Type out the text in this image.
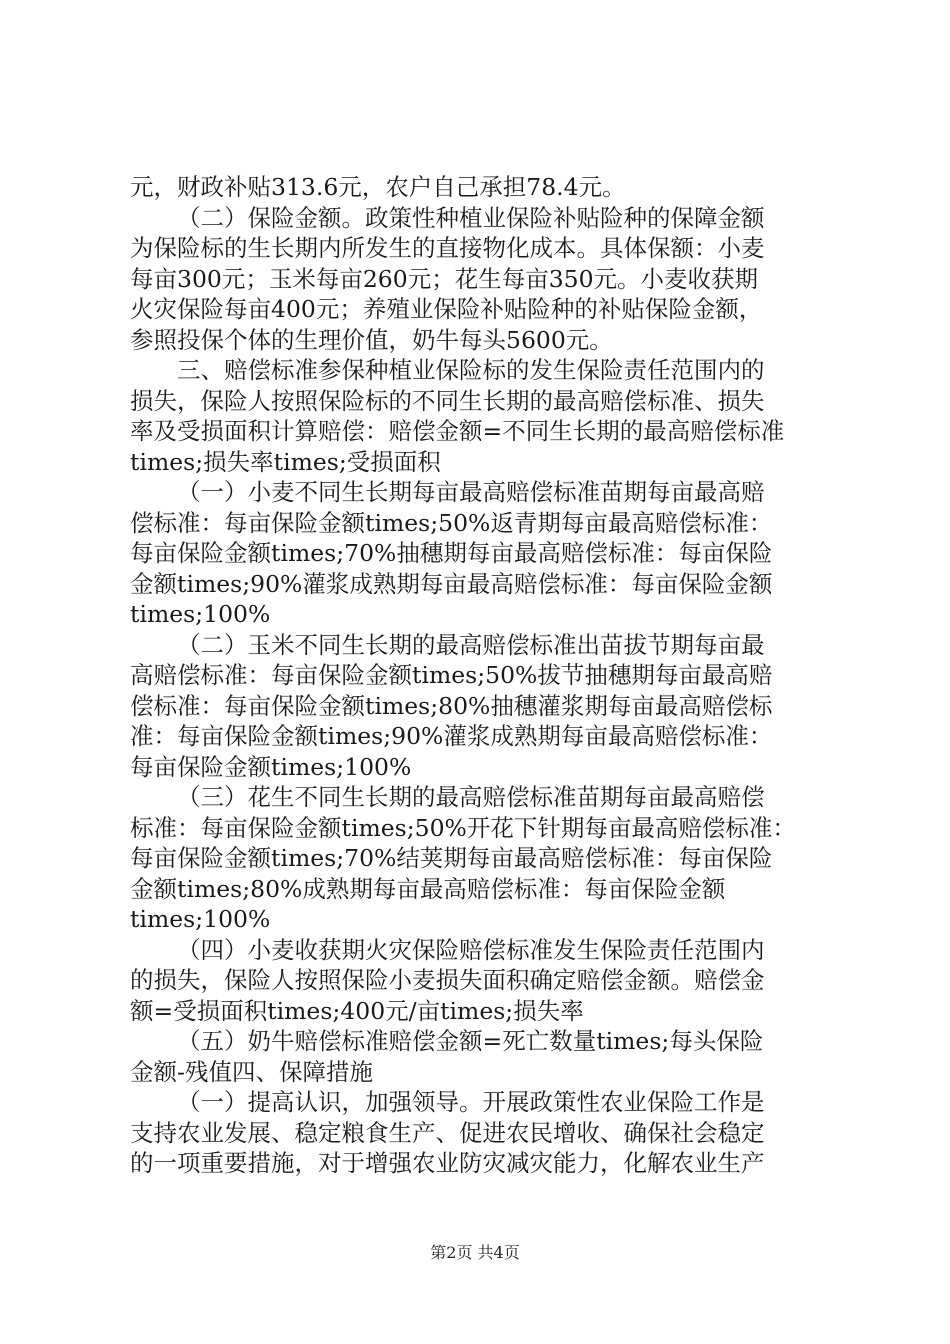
元，财政补贴313.6元，农户自己承担78.4元。
（二）保险金额。政策性种植业保险补贴险种的保障金额
为保险标的生长期内所发生的直接物化成本。具体保额：小麦
每亩300元；玉米每亩260元；花生每亩350元。小麦收获期
火灾保险每亩400元；养殖业保险补贴险种的补贴保险金额，
参照投保个体的生理价值，奶牛每头5600元。
三、赔偿标准参保种植业保险标的发生保险责任范围内的
损失，保险人按照保险标的不同生长期的最高赔偿标准、损失
率及受损面积计算赔偿：赔偿金额=不同生长期的最高赔偿标准
times;损失率times;受损面积
（一）小麦不同生长期每亩最高赔偿标准苗期每亩最高赔
偿标准：每亩保险金额times;50%返青期每亩最高赔偿标准：
每亩保险金额times;70%抽穗期每亩最高赔偿标准：每亩保险
金额times;90%灌浆成熟期每亩最高赔偿标准：每亩保险金额
times;100%
（二）玉米不同生长期的最高赔偿标准出苗拔节期每亩最
高赔偿标准：每亩保险金额times;50%拔节抽穗期每亩最高赔
偿标准：每亩保险金额times;80%抽穗灌浆期每亩最高赔偿标
准：每亩保险金额times;90%灌浆成熟期每亩最高赔偿标准：
每亩保险金额times;100%
（三）花生不同生长期的最高赔偿标准苗期每亩最高赔偿
标准：每亩保险金额times;50%开花下针期每亩最高赔偿标准：
每亩保险金额times;70%结荚期每亩最高赔偿标准：每亩保险
金额times;80%成熟期每亩最高赔偿标准：每亩保险金额
times;100%
（四）小麦收获期火灾保险赔偿标准发生保险责任范围内
的损失，保险人按照保险小麦损失面积确定赔偿金额。赔偿金
额=受损面积times;400元/亩times;损失率
（五）奶牛赔偿标准赔偿金额=死亡数量times;每头保险
金额-残值四、保障措施
（一）提高认识，加强领导。开展政策性农业保险工作是
支持农业发展、稳定粮食生产、促进农民增收、确保社会稳定
的一项重要措施，对于增强农业防灾减灾能力，化解农业生产
第2页 共4页
